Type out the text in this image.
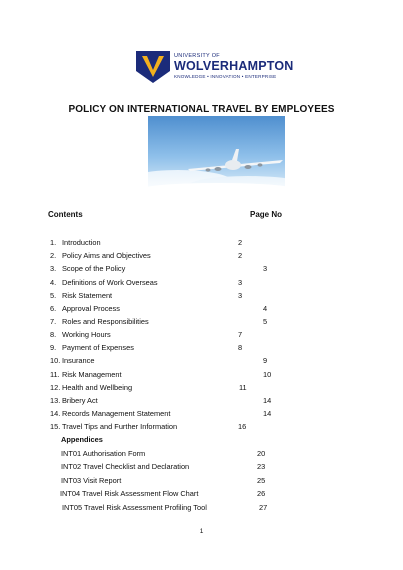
UNIVERSITY OF
WOLVERHAMPTON
KNOWLEDGE • INNOVATION • ENTERPRISE
POLICY ON INTERNATIONAL TRAVEL BY EMPLOYEES
Contents	Page No
1. Introduction	2
2. Policy Aims and Objectives	2
3. Scope of the Policy	3
4. Definitions of Work Overseas	3
5. Risk Statement	3
6. Approval Process	4
7. Roles and Responsibilities	5
8. Working Hours	7
9. Payment of Expenses	8
10. Insurance	9
11. Risk Management	10
12. Health and Wellbeing	11
13. Bribery Act	14
14. Records Management Statement	14
15. Travel Tips and Further Information	16
Appendices
INT01 Authorisation Form	20
INT02 Travel Checklist and Declaration	23
INT03 Visit Report	25
INT04 Travel Risk Assessment Flow Chart	26
INT05 Travel Risk Assessment Profiling Tool	27
1
